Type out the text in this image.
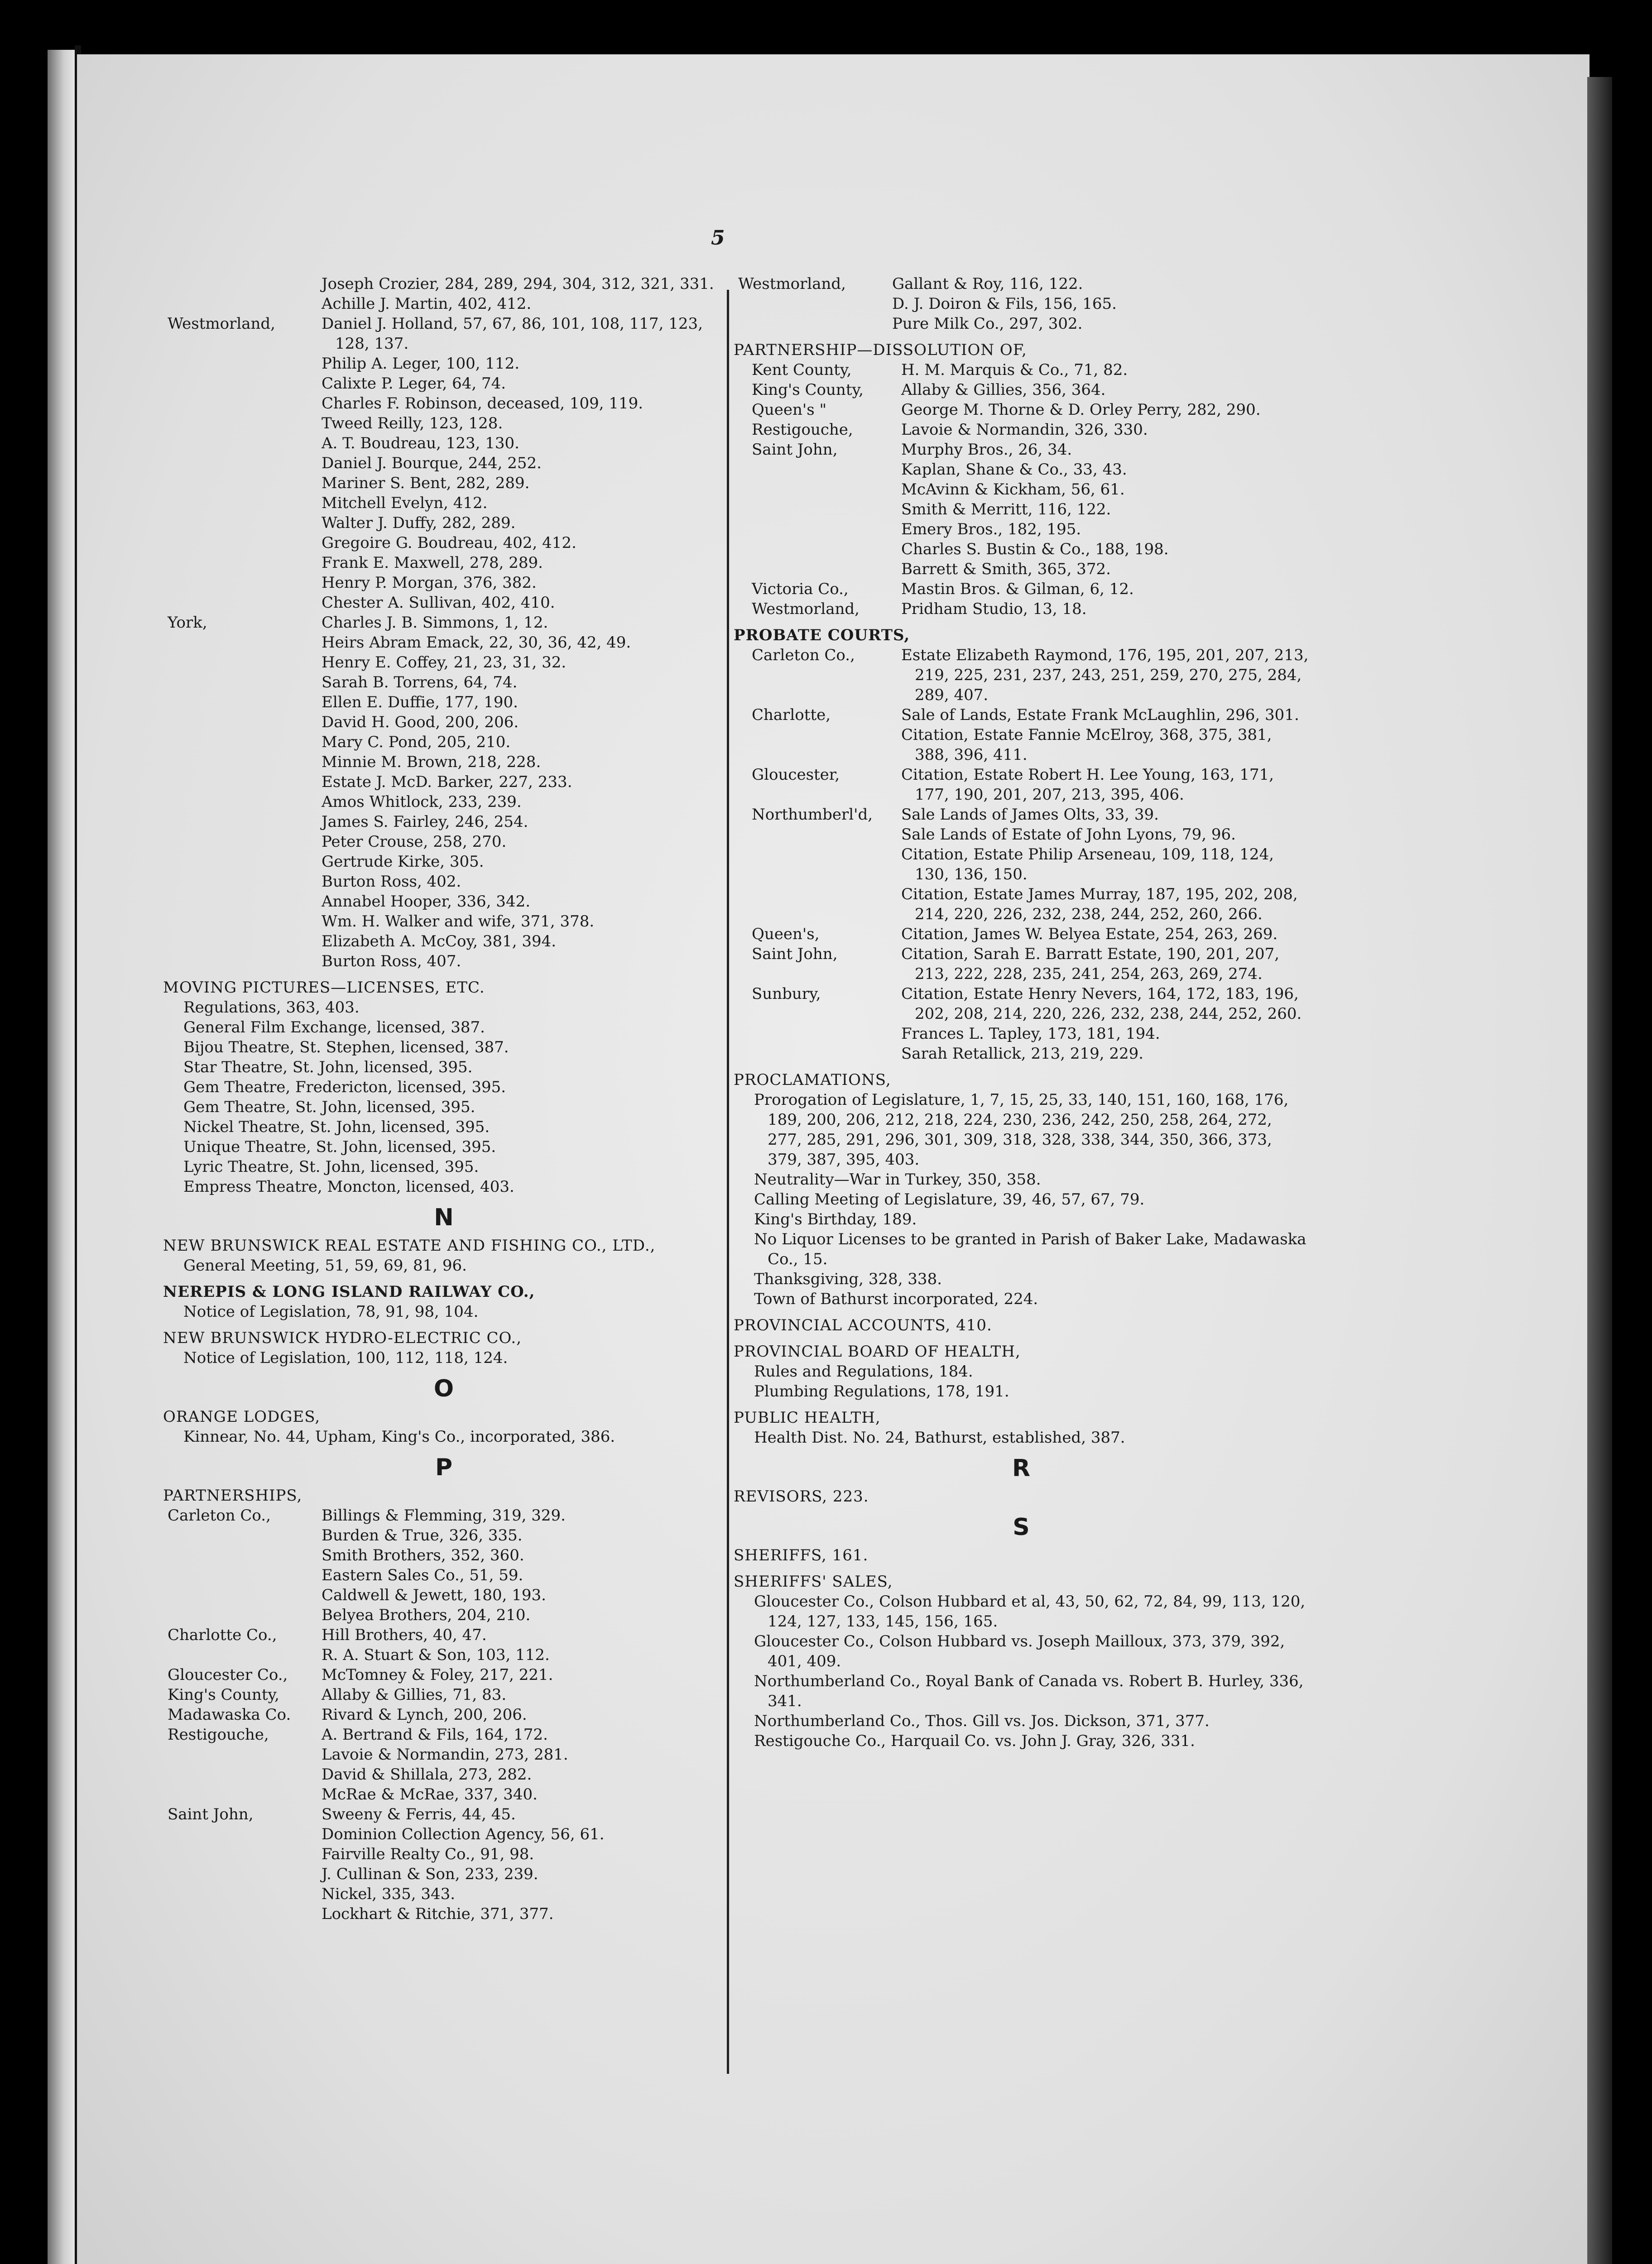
5
Joseph Crozier, 284, 289, 294, 304, 312, 321, 331.
Achille J. Martin, 402, 412.
Westmorland,	Daniel J. Holland, 57, 67, 86, 101, 108, 117, 123, 128, 137.
Philip A. Leger, 100, 112.
Calixte P. Leger, 64, 74.
Charles F. Robinson, deceased, 109, 119.
Tweed Reilly, 123, 128.
A. T. Boudreau, 123, 130.
Daniel J. Bourque, 244, 252.
Mariner S. Bent, 282, 289.
Mitchell Evelyn, 412.
Walter J. Duffy, 282, 289.
Gregoire G. Boudreau, 402, 412.
Frank E. Maxwell, 278, 289.
Henry P. Morgan, 376, 382.
Chester A. Sullivan, 402, 410.
York,	Charles J. B. Simmons, 1, 12.
Heirs Abram Emack, 22, 30, 36, 42, 49.
Henry E. Coffey, 21, 23, 31, 32.
Sarah B. Torrens, 64, 74.
Ellen E. Duffie, 177, 190.
David H. Good, 200, 206.
Mary C. Pond, 205, 210.
Minnie M. Brown, 218, 228.
Estate J. McD. Barker, 227, 233.
Amos Whitlock, 233, 239.
James S. Fairley, 246, 254.
Peter Crouse, 258, 270.
Gertrude Kirke, 305.
Burton Ross, 402.
Annabel Hooper, 336, 342.
Wm. H. Walker and wife, 371, 378.
Elizabeth A. McCoy, 381, 394.
Burton Ross, 407.
MOVING PICTURES—LICENSES, ETC.
Regulations, 363, 403.
General Film Exchange, licensed, 387.
Bijou Theatre, St. Stephen, licensed, 387.
Star Theatre, St. John, licensed, 395.
Gem Theatre, Fredericton, licensed, 395.
Gem Theatre, St. John, licensed, 395.
Nickel Theatre, St. John, licensed, 395.
Unique Theatre, St. John, licensed, 395.
Lyric Theatre, St. John, licensed, 395.
Empress Theatre, Moncton, licensed, 403.
N
NEW BRUNSWICK REAL ESTATE AND FISHING CO., LTD.,
General Meeting, 51, 59, 69, 81, 96.
NEREPIS & LONG ISLAND RAILWAY CO.,
Notice of Legislation, 78, 91, 98, 104.
NEW BRUNSWICK HYDRO-ELECTRIC CO.,
Notice of Legislation, 100, 112, 118, 124.
O
ORANGE LODGES,
Kinnear, No. 44, Upham, King's Co., incorporated, 386.
P
PARTNERSHIPS,
Carleton Co.,	Billings & Flemming, 319, 329.
Burden & True, 326, 335.
Smith Brothers, 352, 360.
Eastern Sales Co., 51, 59.
Caldwell & Jewett, 180, 193.
Belyea Brothers, 204, 210.
Charlotte Co.,	Hill Brothers, 40, 47.
R. A. Stuart & Son, 103, 112.
Gloucester Co., McTomney & Foley, 217, 221.
King's County,	Allaby & Gillies, 71, 83.
Madawaska Co. Rivard & Lynch, 200, 206.
Restigouche,	A. Bertrand & Fils, 164, 172.
Lavoie & Normandin, 273, 281.
David & Shillala, 273, 282.
McRae & McRae, 337, 340.
Saint John,	Sweeny & Ferris, 44, 45.
Dominion Collection Agency, 56, 61.
Fairville Realty Co., 91, 98.
J. Cullinan & Son, 233, 239.
Nickel, 335, 343.
Lockhart & Ritchie, 371, 377.
Westmorland,	Gallant & Roy, 116, 122.
D. J. Doiron & Fils, 156, 165.
Pure Milk Co., 297, 302.
PARTNERSHIP—DISSOLUTION OF,
Kent County,	H. M. Marquis & Co., 71, 82.
King's County, Allaby & Gillies, 356, 364.
Queen's "	George M. Thorne & D. Orley Perry, 282, 290.
Restigouche,	Lavoie & Normandin, 326, 330.
Saint John,	Murphy Bros., 26, 34.
Kaplan, Shane & Co., 33, 43.
McAvinn & Kickham, 56, 61.
Smith & Merritt, 116, 122.
Emery Bros., 182, 195.
Charles S. Bustin & Co., 188, 198.
Barrett & Smith, 365, 372.
Victoria Co.,	Mastin Bros. & Gilman, 6, 12.
Westmorland,	Pridham Studio, 13, 18.
PROBATE COURTS,
Carleton Co.,	Estate Elizabeth Raymond, 176, 195, 201, 207, 213, 219, 225, 231, 237, 243, 251, 259, 270, 275, 284, 289, 407.
Charlotte,	Sale of Lands, Estate Frank McLaughlin, 296, 301.
Citation, Estate Fannie McElroy, 368, 375, 381, 388, 396, 411.
Gloucester,	Citation, Estate Robert H. Lee Young, 163, 171, 177, 190, 201, 207, 213, 395, 406.
Northumberl'd, Sale Lands of James Olts, 33, 39.
Sale Lands of Estate of John Lyons, 79, 96.
Citation, Estate Philip Arseneau, 109, 118, 124, 130, 136, 150.
Citation, Estate James Murray, 187, 195, 202, 208, 214, 220, 226, 232, 238, 244, 252, 260, 266.
Queen's,	Citation, James W. Belyea Estate, 254, 263, 269.
Saint John,	Citation, Sarah E. Barratt Estate, 190, 201, 207, 213, 222, 228, 235, 241, 254, 263, 269, 274.
Sunbury,	Citation, Estate Henry Nevers, 164, 172, 183, 196, 202, 208, 214, 220, 226, 232, 238, 244, 252, 260.
Frances L. Tapley, 173, 181, 194.
Sarah Retallick, 213, 219, 229.
PROCLAMATIONS,
Prorogation of Legislature, 1, 7, 15, 25, 33, 140, 151, 160, 168, 176, 189, 200, 206, 212, 218, 224, 230, 236, 242, 250, 258, 264, 272, 277, 285, 291, 296, 301, 309, 318, 328, 338, 344, 350, 366, 373, 379, 387, 395, 403.
Neutrality—War in Turkey, 350, 358.
Calling Meeting of Legislature, 39, 46, 57, 67, 79.
King's Birthday, 189.
No Liquor Licenses to be granted in Parish of Baker Lake, Madawaska Co., 15.
Thanksgiving, 328, 338.
Town of Bathurst incorporated, 224.
PROVINCIAL ACCOUNTS, 410.
PROVINCIAL BOARD OF HEALTH,
Rules and Regulations, 184.
Plumbing Regulations, 178, 191.
PUBLIC HEALTH,
Health Dist. No. 24, Bathurst, established, 387.
R
REVISORS, 223.
S
SHERIFFS, 161.
SHERIFFS' SALES,
Gloucester Co., Colson Hubbard et al, 43, 50, 62, 72, 84, 99, 113, 120, 124, 127, 133, 145, 156, 165.
Gloucester Co., Colson Hubbard vs. Joseph Mailloux, 373, 379, 392, 401, 409.
Northumberland Co., Royal Bank of Canada vs. Robert B. Hurley, 336, 341.
Northumberland Co., Thos. Gill vs. Jos. Dickson, 371, 377.
Restigouche Co., Harquail Co. vs. John J. Gray, 326, 331.
